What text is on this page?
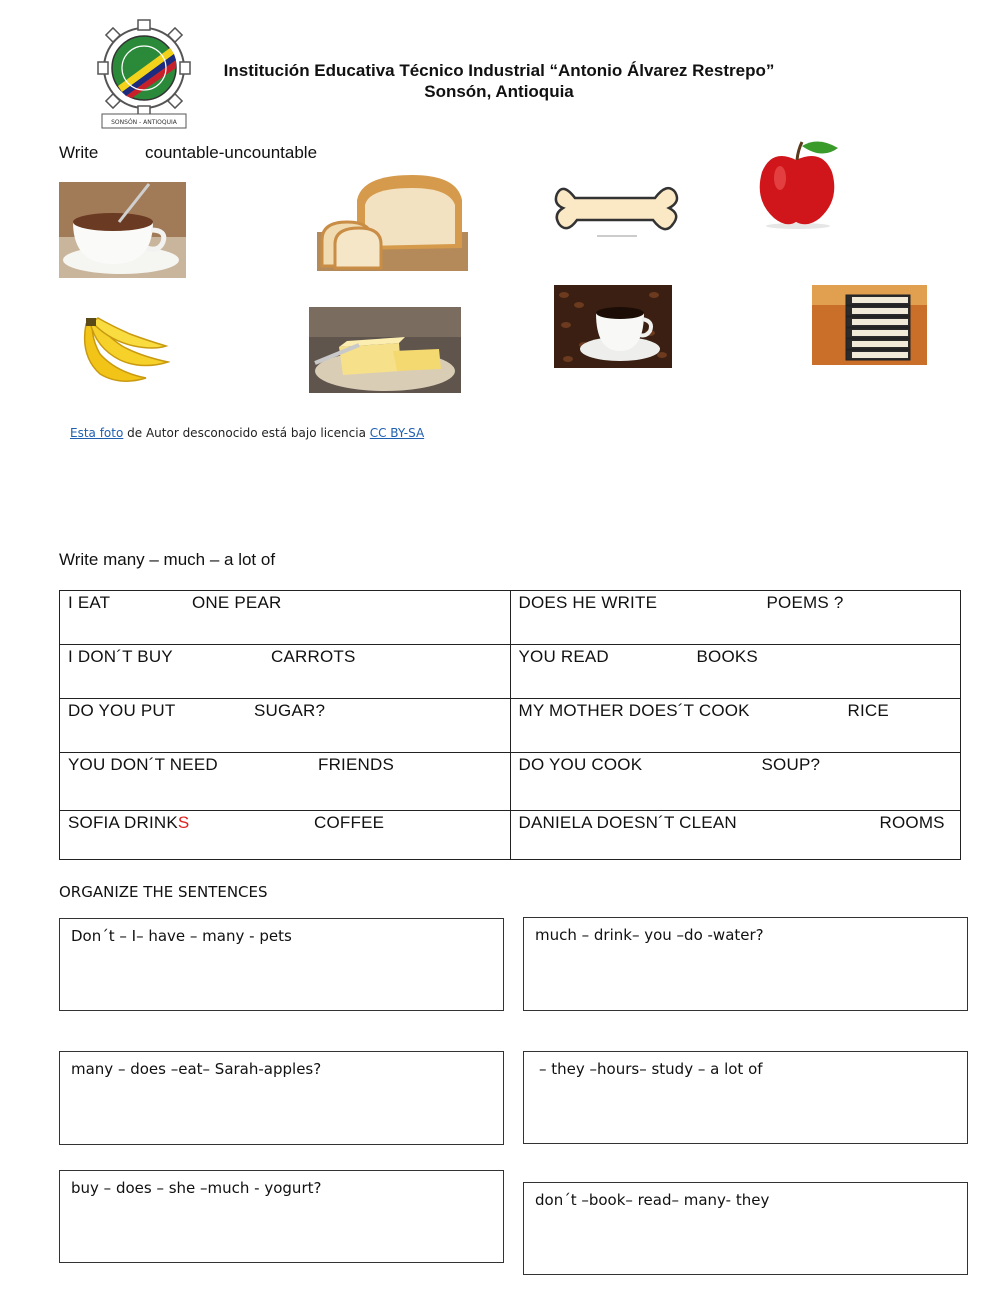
SONSÓN - ANTIOQUIA
Institución Educativa Técnico Industrial “Antonio Álvarez Restrepo”
Sonsón, Antioquia
Write	countable-uncountable
Esta foto de Autor desconocido está bajo licencia CC BY-SA
Write many – much – a lot of
I EAT ONE PEAR	DOES HE WRITE POEMS ?

I DON´T BUY CARROTS	YOU READ BOOKS

DO YOU PUT SUGAR?	MY MOTHER DOES´T COOK RICE

YOU DON´T NEED FRIENDS	DO YOU COOK SOUP?

SOFIA DRINKS COFFEE	DANIELA DOESN´T CLEAN ROOMS
ORGANIZE THE SENTENCES
Don´t – I– have – many - pets	much – drink– you –do -water?
many – does –eat– Sarah-apples?	– they –hours– study – a lot of
buy – does – she –much - yogurt?
don´t –book– read– many- they
